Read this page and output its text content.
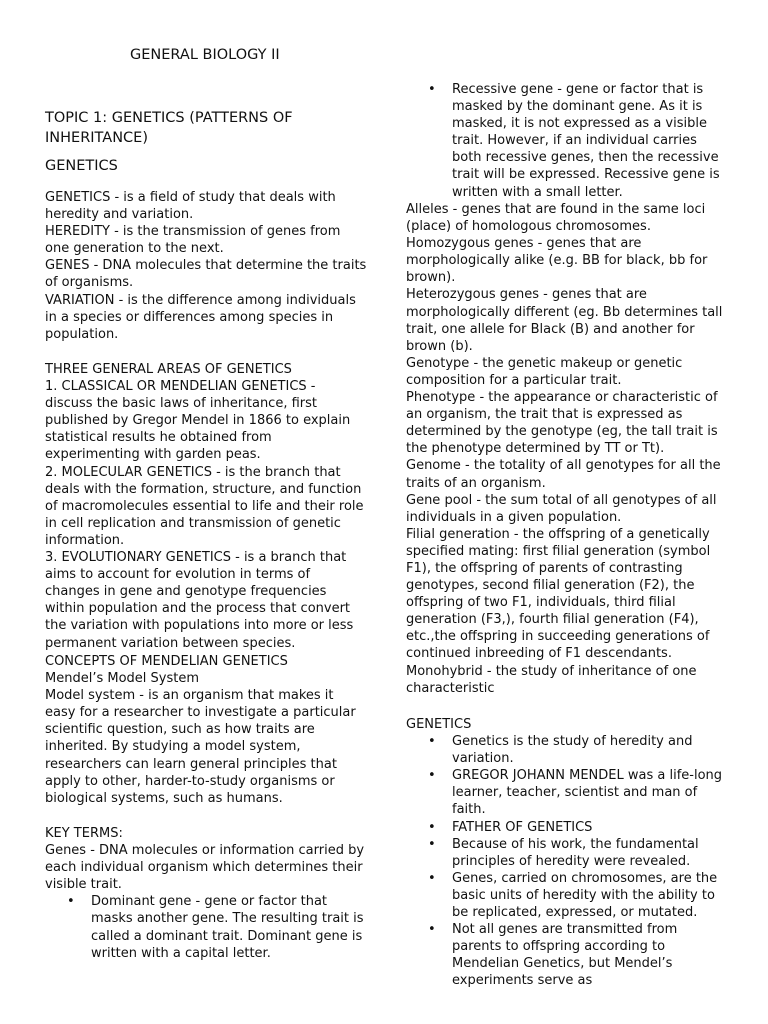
GENERAL BIOLOGY II
TOPIC 1: GENETICS (PATTERNS OF INHERITANCE)
GENETICS

GENETICS - is a field of study that deals with heredity and variation.

HEREDITY - is the transmission of genes from one generation to the next.

GENES - DNA molecules that determine the traits of organisms.

VARIATION - is the difference among individuals in a species or differences among species in population.

THREE GENERAL AREAS OF GENETICS

1. CLASSICAL OR MENDELIAN GENETICS - discuss the basic laws of inheritance, first published by Gregor Mendel in 1866 to explain statistical results he obtained from experimenting with garden peas.

2. MOLECULAR GENETICS - is the branch that deals with the formation, structure, and function of macromolecules essential to life and their role in cell replication and transmission of genetic information.

3. EVOLUTIONARY GENETICS - is a branch that aims to account for evolution in terms of changes in gene and genotype frequencies within population and the process that convert the variation with populations into more or less permanent variation between species.

CONCEPTS OF MENDELIAN GENETICS

Mendel’s Model System

Model system - is an organism that makes it easy for a researcher to investigate a particular scientific question, such as how traits are inherited. By studying a model system, researchers can learn general principles that apply to other, harder-to-study organisms or biological systems, such as humans.

KEY TERMS:

Genes - DNA molecules or information carried by each individual organism which determines their visible trait.

• Dominant gene - gene or factor that masks another gene. The resulting trait is called a dominant trait. Dominant gene is written with a capital letter.
• Recessive gene - gene or factor that is masked by the dominant gene. As it is masked, it is not expressed as a visible trait. However, if an individual carries both recessive genes, then the recessive trait will be expressed. Recessive gene is written with a small letter.

Alleles - genes that are found in the same loci (place) of homologous chromosomes.

Homozygous genes - genes that are morphologically alike (e.g. BB for black, bb for brown).

Heterozygous genes - genes that are morphologically different (eg. Bb determines tall trait, one allele for Black (B) and another for brown (b).

Genotype - the genetic makeup or genetic composition for a particular trait.

Phenotype - the appearance or characteristic of an organism, the trait that is expressed as determined by the genotype (eg, the tall trait is the phenotype determined by TT or Tt).

Genome - the totality of all genotypes for all the traits of an organism.

Gene pool - the sum total of all genotypes of all individuals in a given population.

Filial generation - the offspring of a genetically specified mating: first filial generation (symbol F1), the offspring of parents of contrasting genotypes, second filial generation (F2), the offspring of two F1, individuals, third filial generation (F3,), fourth filial generation (F4), etc.,the offspring in succeeding generations of continued inbreeding of F1 descendants.

Monohybrid - the study of inheritance of one characteristic

GENETICS

• Genetics is the study of heredity and variation.
• GREGOR JOHANN MENDEL was a life-long learner, teacher, scientist and man of faith.
• FATHER OF GENETICS
• Because of his work, the fundamental principles of heredity were revealed.
• Genes, carried on chromosomes, are the basic units of heredity with the ability to be replicated, expressed, or mutated.
• Not all genes are transmitted from parents to offspring according to Mendelian Genetics, but Mendel’s experiments serve as
